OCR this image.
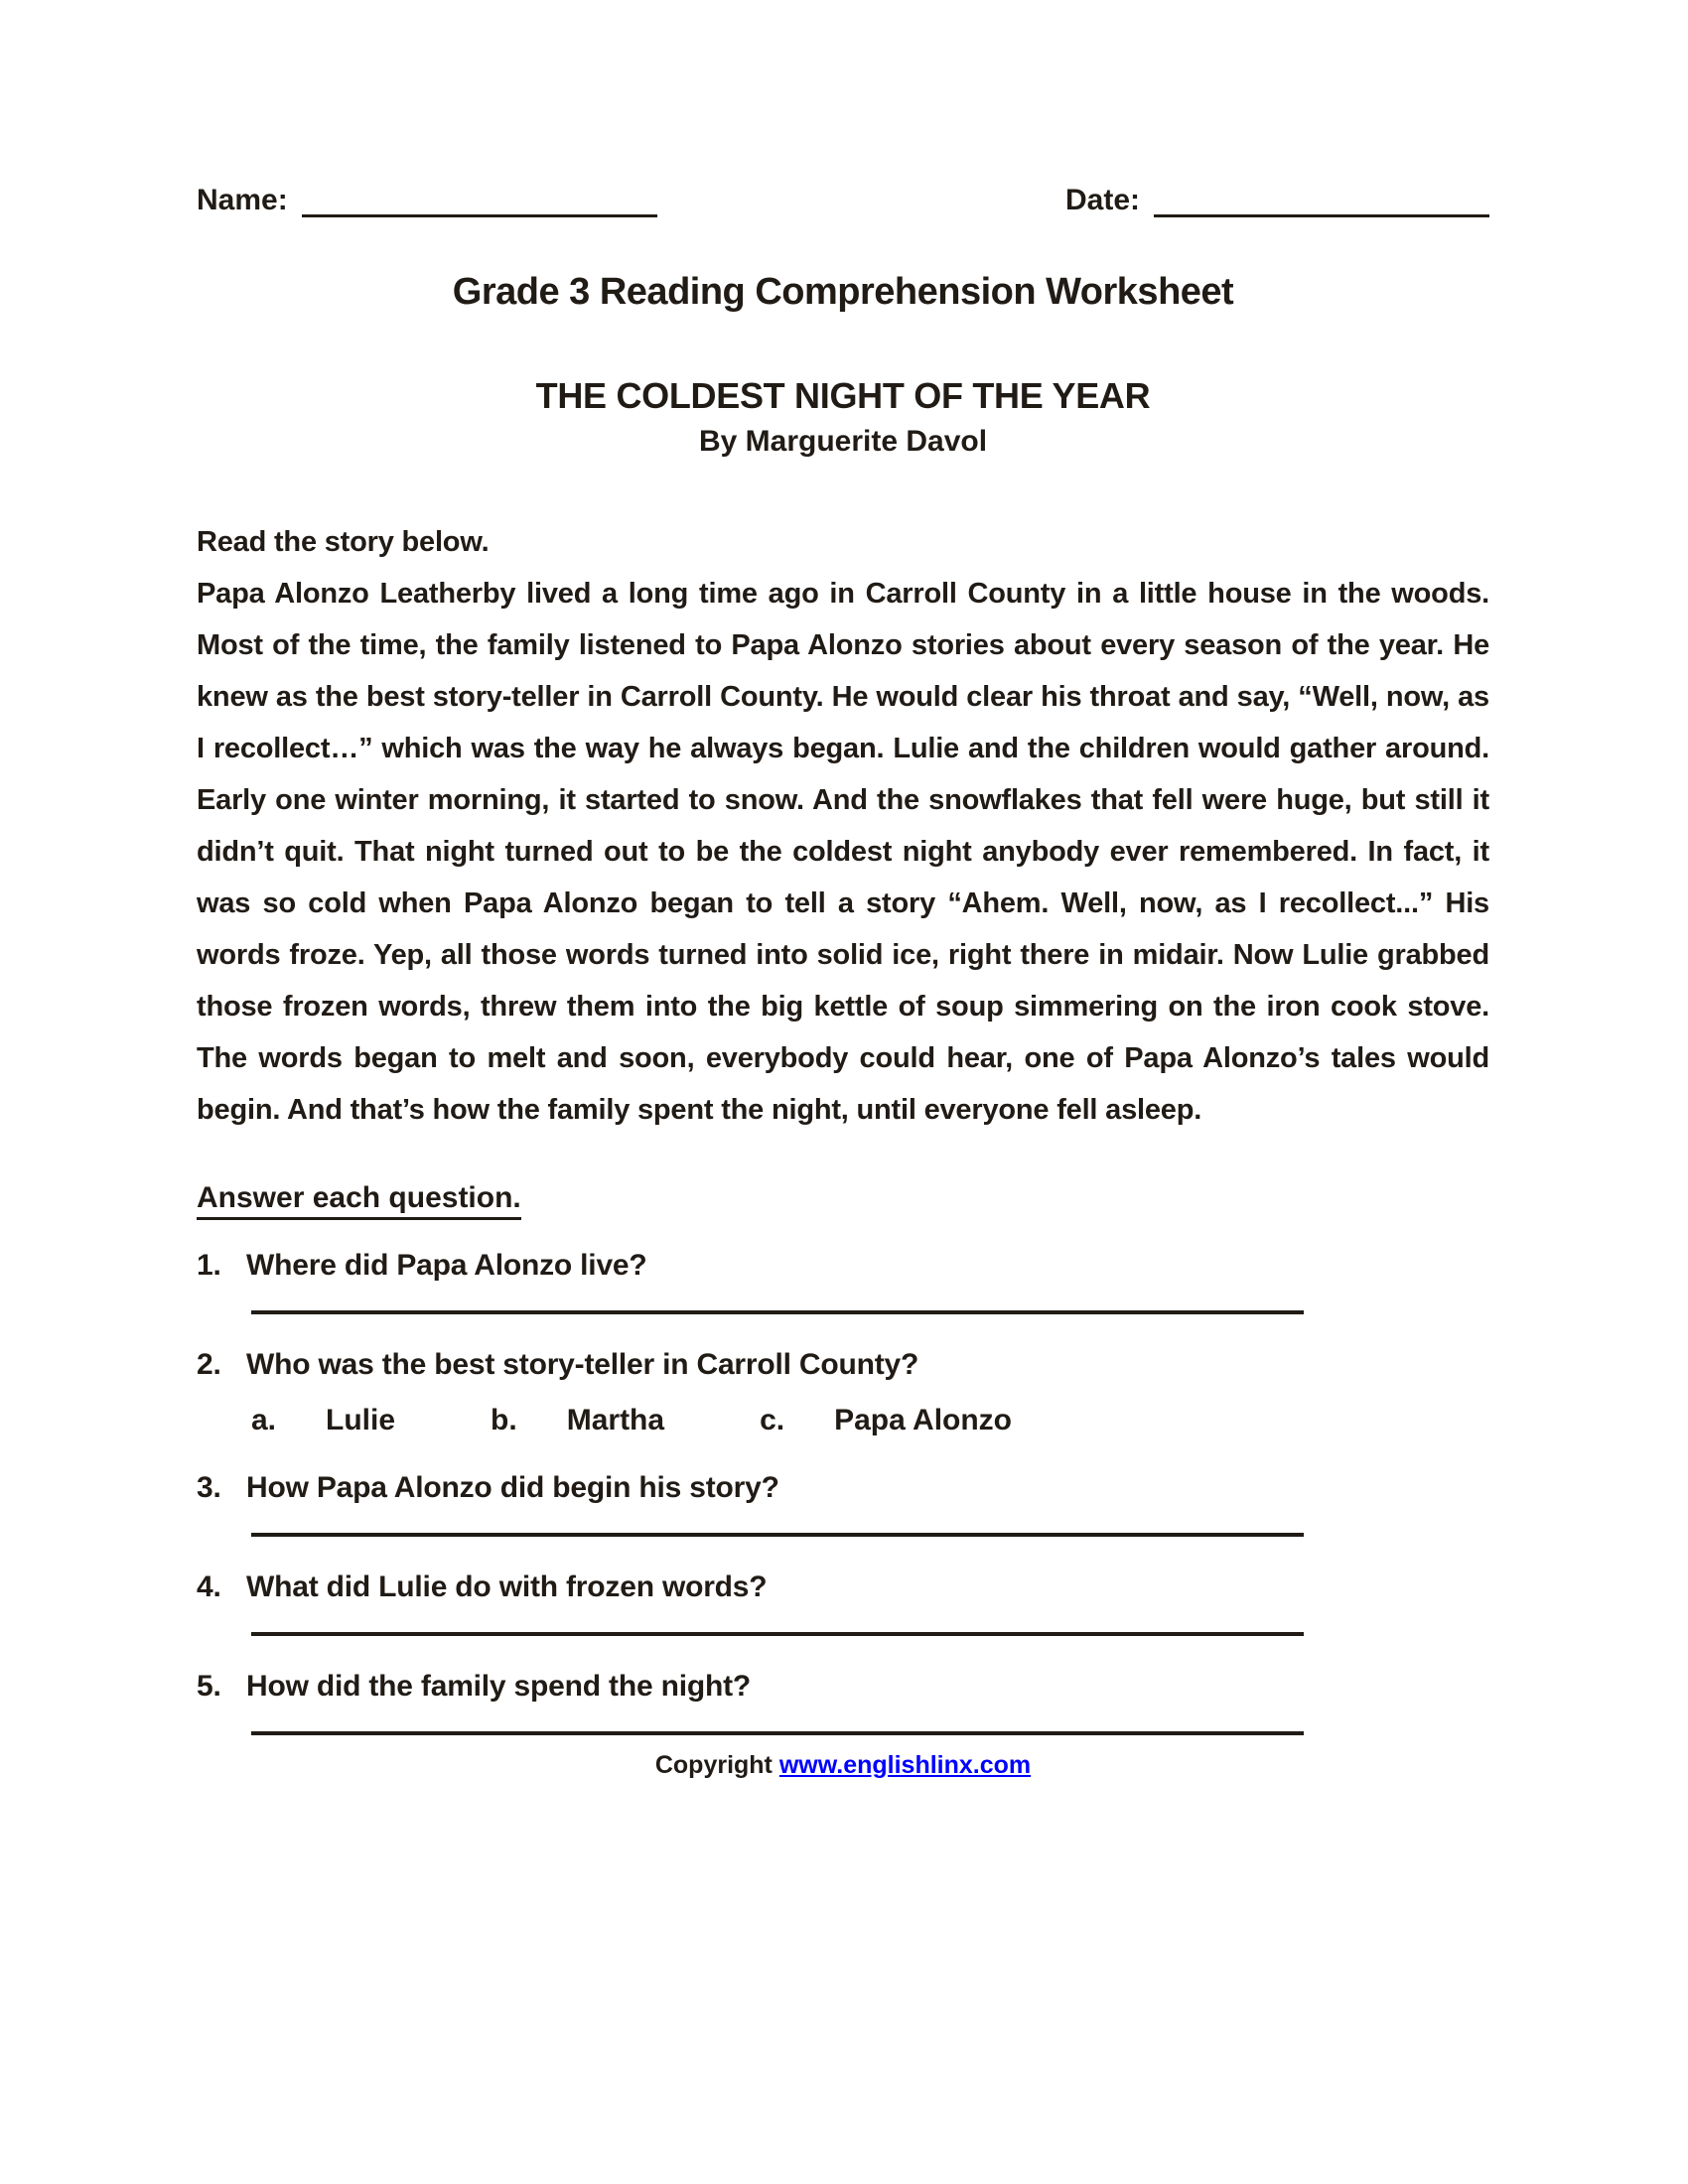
Name:	Date:
Grade 3 Reading Comprehension Worksheet
THE COLDEST NIGHT OF THE YEAR
By Marguerite Davol
Read the story below.
Papa Alonzo Leatherby lived a long time ago in Carroll County in a little house in the woods. Most of the time, the family listened to Papa Alonzo stories about every season of the year. He knew as the best story-teller in Carroll County. He would clear his throat and say, “Well, now, as I recollect…” which was the way he always began. Lulie and the children would gather around. Early one winter morning, it started to snow. And the snowflakes that fell were huge, but still it didn’t quit. That night turned out to be the coldest night anybody ever remembered. In fact, it was so cold when Papa Alonzo began to tell a story “Ahem. Well, now, as I recollect...” His words froze. Yep, all those words turned into solid ice, right there in midair. Now Lulie grabbed those frozen words, threw them into the big kettle of soup simmering on the iron cook stove. The words began to melt and soon, everybody could hear, one of Papa Alonzo’s tales would begin. And that’s how the family spent the night, until everyone fell asleep.
Answer each question.
1. Where did Papa Alonzo live?
2. Who was the best story-teller in Carroll County?
a. Lulie	b. Martha	c. Papa Alonzo
3. How Papa Alonzo did begin his story?
4. What did Lulie do with frozen words?
5. How did the family spend the night?
Copyright www.englishlinx.com
